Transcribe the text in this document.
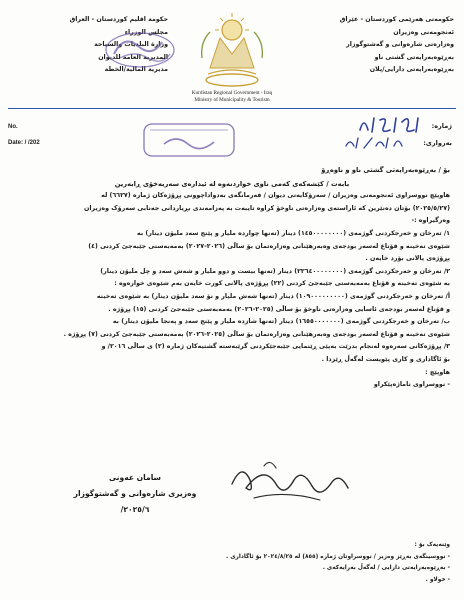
حکومەتی هەرێمی کوردستان - عێراق
ئەنجومەنی وەزیران
وەزارەتی شارەوانی و گەشتوگوزار
بەڕێوەبەرایەتی گشتی ناو
بەڕێوەبەرایەتی دارایی/پلان
حكومة اقليم كوردستان - العراق
مجلس الوزراء
وزارة البلديات والسياحة
المديرية العامة للديوان
مديرية المالية/الخطة
Kurdistan Regional Government - Iraq
Ministry of Municipality & Tourism
No.
Date: / /202
ژمارە:
بەرواری:

بۆ / بەڕێوەبەرایەتی گشتی ناو و ناوەڕۆ

بابەت / کێشەکەی کەمی ناوی خواردنەوە لە ئیدارەی سەربەخۆی ڕابەرین

هاوپێچ نووسراوی ئەنجومەنی وەزیران / سەرۆکایەتی دیوان / فەرمانگەی بەدواداچوونی پڕۆژەکان ژمارە (٦٦٢٧) لە

(٢٠٢٥/٥/٢٧) بۆتان دەنێرین کە ئاراستەی وەزارەتی ناوخۆ کراوە تایبەت بە پەزامەندی بڕیاردانی جەنابی سەرۆک وەزیران

وەرگیراوە :-

١/ تەرخان و خەرجکردنی گوژمەی (١٤٥٠٠٠٠٠٠٠٠) دینار (تەنها چواردە ملیار و پێنج سەد ملیۆن دینار) بە

شێوەی تەخینە و قۆناغ لەسەر بودجەی وەبەرهێنانی وەزارەتمان بۆ ساڵی (٢٠٢٦-٢٠٢٧) بەمەبەستی جێبەجێ کردنی (٤)

پڕۆژەی پالانی بۆرد خایەن .

٢/ تەرخان و خەرجکردنی گوژمەی (٢٢٦٤٠٠٠٠٠٠٠٠) دینار (تەنها بیست و دوو ملیار و شەش سەد و چل ملیۆن دینار)

بە شێوەی تەخینە و قۆناغ بەمەبەستی جێبەجێ کردنی (٢٢) پڕۆژەی پالانی کورت خایەن بەم شێوەی خوارەوە :

أ/ تەرخان و خەرجکردنی گوژمەی (١٠٩٠٠٠٠٠٠٠٠٠) دینار (تەنها شەش ملیار و نۆ سەد ملیۆن دینار) بە شێوەی تەخینە

و قۆناغ لەسەر بودجەی ئاسایی وەزارەتی ناوخۆ بۆ ساڵی (٢٠٢٥-٢٠٢٦) بەمەبەستی جێبەجێ کردنی (١٥) پڕۆژە .

ب/ تەرخان و خەرجکردنی گوژمەی (١٦٥٥٠٠٠٠٠٠٠) دینار (تەنها شازدە ملیار و پێنج سەد و پەنجا ملیۆن دینار) بە

شێوەی تەخینە و قۆناغ لەسەر بودجەی وەبەرهێنانی وەزارەتمان بۆ ساڵی (٢٠٢٥-٢٠٢٦) بەمەبەستی جێبەجێ کردنی (٧) پڕۆژە .

٣/ پڕۆژەکانی سەرەوە لەنجام بدرێت بەپێی ڕێنمایی جێبەجێکردنی گرێبەستە گشتیەکان ژمارە (٢) ی ساڵی ٢٠١٦/ و

بۆ ئاگاداری و کاری پێویست لەگەڵ ڕێزدا .

هاوپێچ :

- نووسراوی ناماژەپێکراو

سامان عەونی
وەزیری شارەوانی و گەشتوگوزار
٢٠٢٥/٦/
وێنەیەک بۆ :
- نووسینگەی بەڕێز وەزیر / نووسراوتان ژمارە (٨٥٥) لە ٢٠٢٤/٨/٢٥ بۆ ئاگاداری .
- بەڕێوەبەرایەتی دارایی / لەگەڵ بەرایەکەی .
- خولاو .
